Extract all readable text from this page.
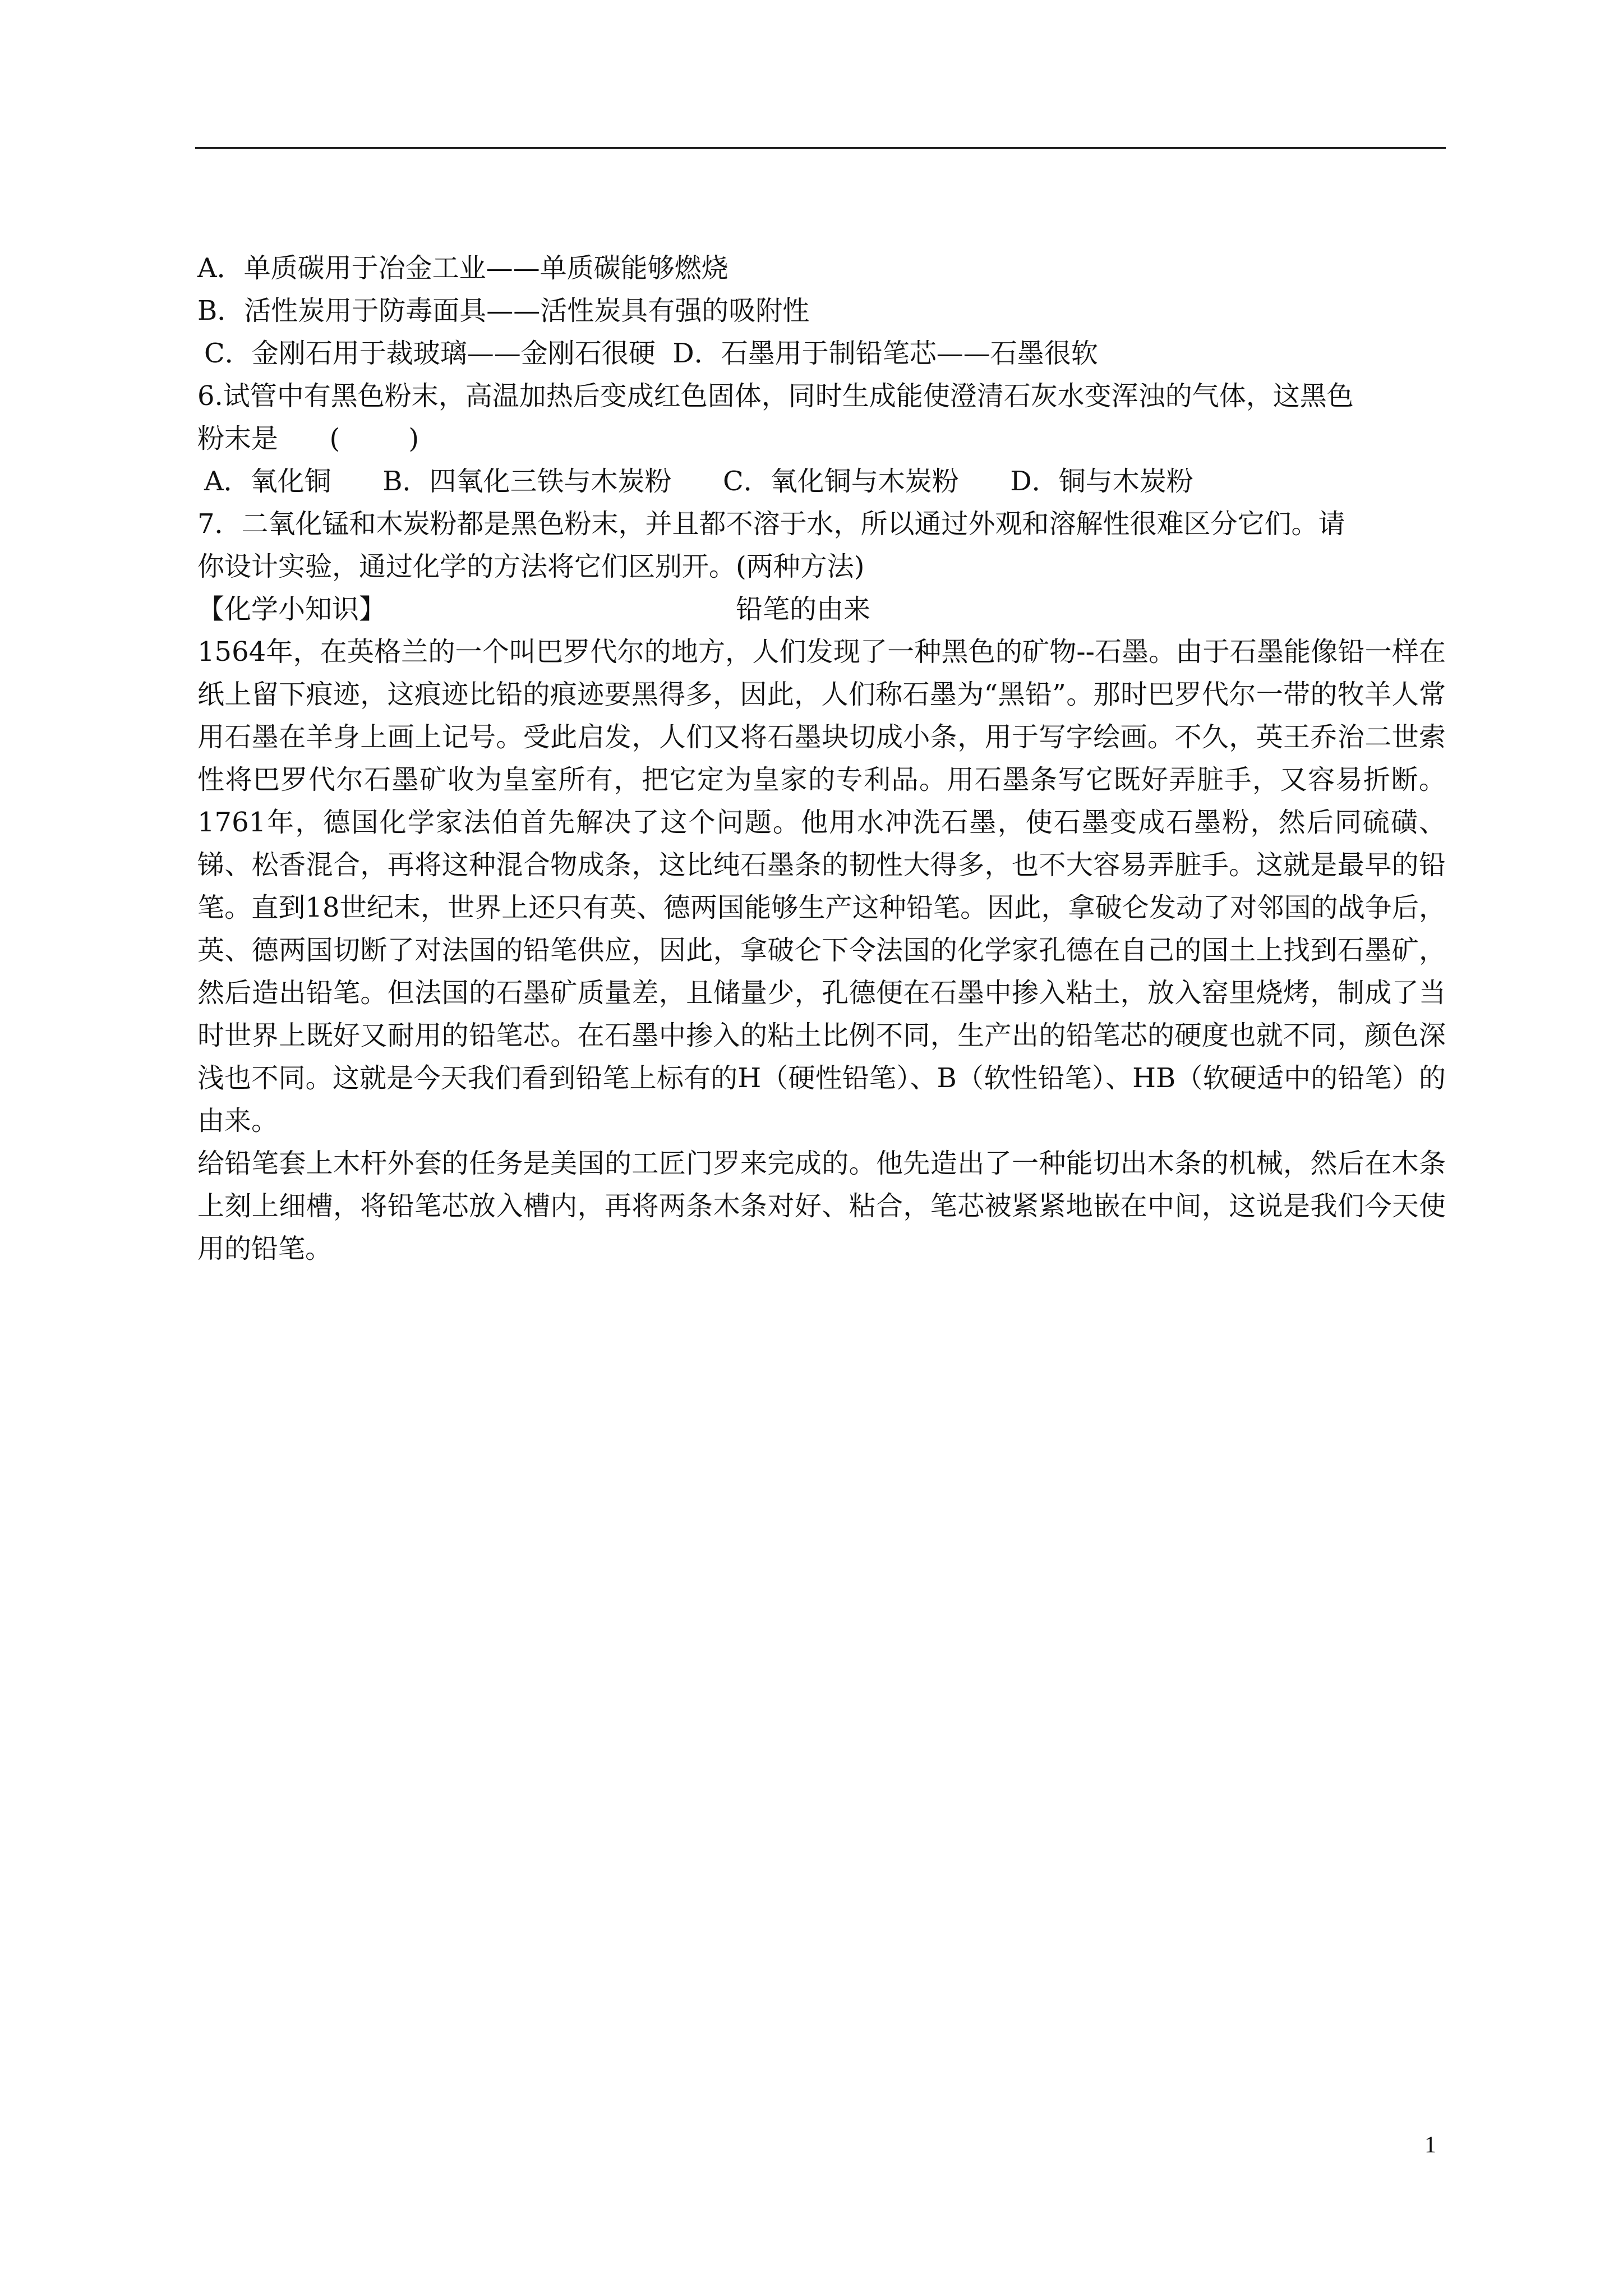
A．单质碳用于冶金工业——单质碳能够燃烧
B．活性炭用于防毒面具——活性炭具有强的吸附性
C．金刚石用于裁玻璃——金刚石很硬  D．石墨用于制铅笔芯——石墨很软
6.试管中有黑色粉末，高温加热后变成红色固体，同时生成能使澄清石灰水变浑浊的气体，这黑色
粉末是      (        )
A．氧化铜      B．四氧化三铁与木炭粉      C．氧化铜与木炭粉      D．铜与木炭粉
7．二氧化锰和木炭粉都是黑色粉末，并且都不溶于水，所以通过外观和溶解性很难区分它们。请
你设计实验，通过化学的方法将它们区别开。(两种方法)
【化学小知识】	铅笔的由来
1564年，在英格兰的一个叫巴罗代尔的地方，人们发现了一种黑色的矿物--石墨。由于石墨能像铅一样在纸上留下痕迹，这痕迹比铅的痕迹要黑得多，因此，人们称石墨为“黑铅”。那时巴罗代尔一带的牧羊人常用石墨在羊身上画上记号。受此启发，人们又将石墨块切成小条，用于写字绘画。不久，英王乔治二世索性将巴罗代尔石墨矿收为皇室所有，把它定为皇家的专利品。用石墨条写它既好弄脏手，又容易折断。1761年，德国化学家法伯首先解决了这个问题。他用水冲洗石墨，使石墨变成石墨粉，然后同硫磺、锑、松香混合，再将这种混合物成条，这比纯石墨条的韧性大得多，也不大容易弄脏手。这就是最早的铅笔。直到18世纪末，世界上还只有英、德两国能够生产这种铅笔。因此，拿破仑发动了对邻国的战争后，英、德两国切断了对法国的铅笔供应，因此，拿破仑下令法国的化学家孔德在自己的国土上找到石墨矿，然后造出铅笔。但法国的石墨矿质量差，且储量少，孔德便在石墨中掺入粘土，放入窑里烧烤，制成了当时世界上既好又耐用的铅笔芯。在石墨中掺入的粘土比例不同，生产出的铅笔芯的硬度也就不同，颜色深浅也不同。这就是今天我们看到铅笔上标有的H（硬性铅笔）、B（软性铅笔）、HB（软硬适中的铅笔）的由来。
给铅笔套上木杆外套的任务是美国的工匠门罗来完成的。他先造出了一种能切出木条的机械，然后在木条上刻上细槽，将铅笔芯放入槽内，再将两条木条对好、粘合，笔芯被紧紧地嵌在中间，这说是我们今天使用的铅笔。
1
